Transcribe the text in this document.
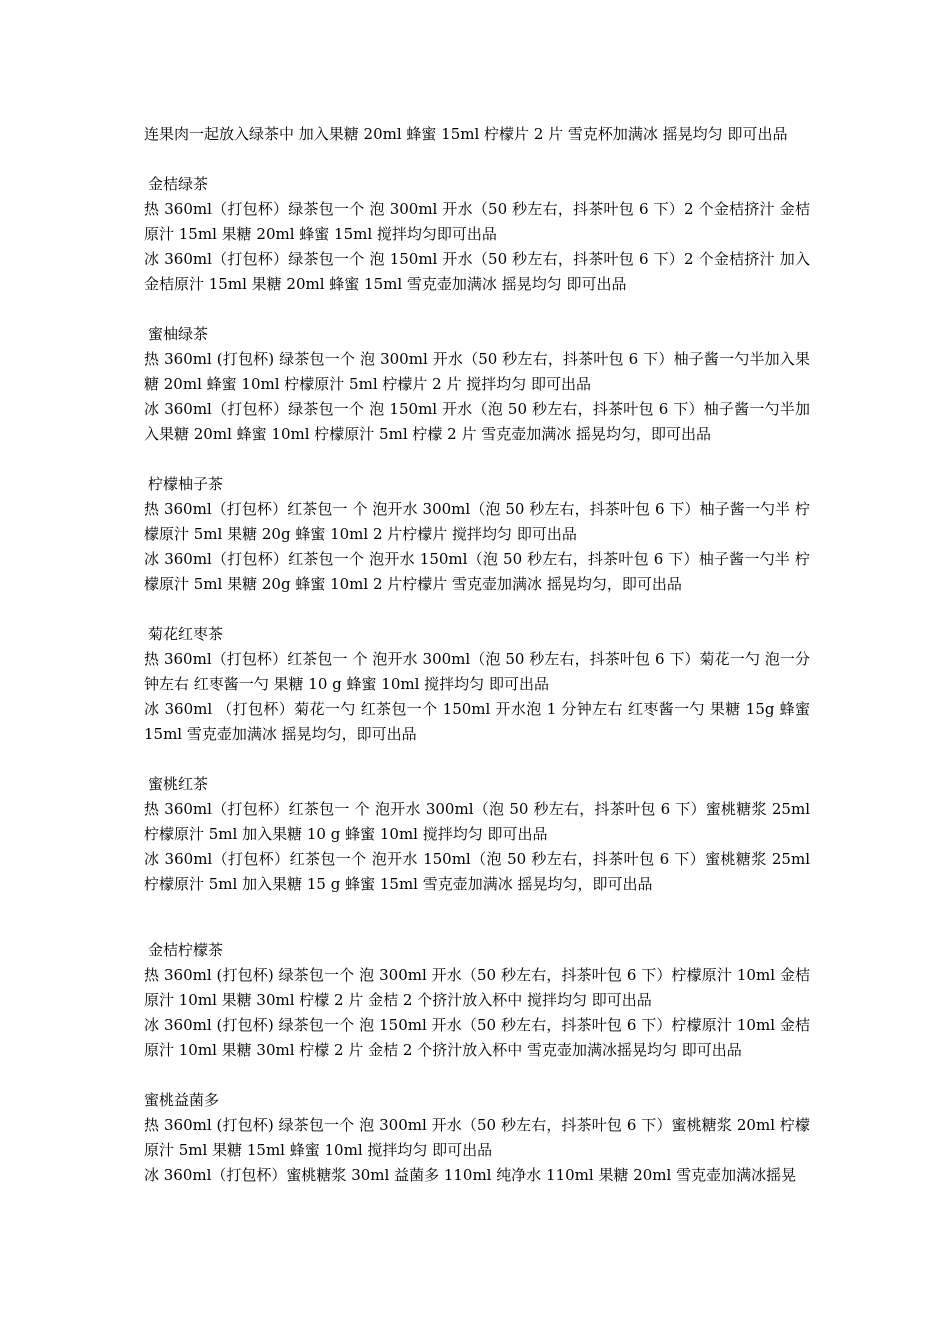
连果肉一起放入绿茶中 加入果糖 20ml 蜂蜜 15ml 柠檬片 2 片 雪克杯加满冰 摇晃均匀 即可出品

金桔绿茶

热 360ml（打包杯）绿茶包一个 泡 300ml 开水（50 秒左右，抖茶叶包 6 下）2 个金桔挤汁 金桔原汁 15ml 果糖 20ml 蜂蜜 15ml 搅拌均匀即可出品

冰 360ml（打包杯）绿茶包一个 泡 150ml 开水（50 秒左右，抖茶叶包 6 下）2 个金桔挤汁 加入金桔原汁 15ml 果糖 20ml 蜂蜜 15ml 雪克壶加满冰 摇晃均匀 即可出品

蜜柚绿茶

热 360ml (打包杯) 绿茶包一个 泡 300ml 开水（50 秒左右，抖茶叶包 6 下）柚子酱一勺半加入果糖 20ml 蜂蜜 10ml 柠檬原汁 5ml 柠檬片 2 片 搅拌均匀 即可出品

冰 360ml（打包杯）绿茶包一个 泡 150ml 开水（泡 50 秒左右，抖茶叶包 6 下）柚子酱一勺半加入果糖 20ml 蜂蜜 10ml 柠檬原汁 5ml 柠檬 2 片 雪克壶加满冰 摇晃均匀，即可出品

柠檬柚子茶

热 360ml（打包杯）红茶包一 个 泡开水 300ml（泡 50 秒左右，抖茶叶包 6 下）柚子酱一勺半 柠檬原汁 5ml 果糖 20g 蜂蜜 10ml 2 片柠檬片 搅拌均匀 即可出品

冰 360ml（打包杯）红茶包一个 泡开水 150ml（泡 50 秒左右，抖茶叶包 6 下）柚子酱一勺半 柠檬原汁 5ml 果糖 20g 蜂蜜 10ml 2 片柠檬片 雪克壶加满冰 摇晃均匀，即可出品

菊花红枣茶

热 360ml（打包杯）红茶包一 个 泡开水 300ml（泡 50 秒左右，抖茶叶包 6 下）菊花一勺 泡一分钟左右 红枣酱一勺 果糖 10 g 蜂蜜 10ml 搅拌均匀 即可出品

冰 360ml （打包杯）菊花一勺 红茶包一个 150ml 开水泡 1 分钟左右 红枣酱一勺 果糖 15g 蜂蜜 15ml 雪克壶加满冰 摇晃均匀，即可出品

蜜桃红茶

热 360ml（打包杯）红茶包一 个 泡开水 300ml（泡 50 秒左右，抖茶叶包 6 下）蜜桃糖浆 25ml 柠檬原汁 5ml 加入果糖 10 g 蜂蜜 10ml 搅拌均匀 即可出品

冰 360ml（打包杯）红茶包一个 泡开水 150ml（泡 50 秒左右，抖茶叶包 6 下）蜜桃糖浆 25ml 柠檬原汁 5ml 加入果糖 15 g 蜂蜜 15ml 雪克壶加满冰 摇晃均匀，即可出品

金桔柠檬茶

热 360ml (打包杯) 绿茶包一个 泡 300ml 开水（50 秒左右，抖茶叶包 6 下）柠檬原汁 10ml 金桔原汁 10ml 果糖 30ml 柠檬 2 片 金桔 2 个挤汁放入杯中 搅拌均匀 即可出品

冰 360ml (打包杯) 绿茶包一个 泡 150ml 开水（50 秒左右，抖茶叶包 6 下）柠檬原汁 10ml 金桔原汁 10ml 果糖 30ml 柠檬 2 片 金桔 2 个挤汁放入杯中 雪克壶加满冰摇晃均匀 即可出品

蜜桃益菌多

热 360ml (打包杯) 绿茶包一个 泡 300ml 开水（50 秒左右，抖茶叶包 6 下）蜜桃糖浆 20ml 柠檬原汁 5ml 果糖 15ml 蜂蜜 10ml 搅拌均匀 即可出品

冰 360ml（打包杯）蜜桃糖浆 30ml 益菌多 110ml 纯净水 110ml 果糖 20ml 雪克壶加满冰摇晃
